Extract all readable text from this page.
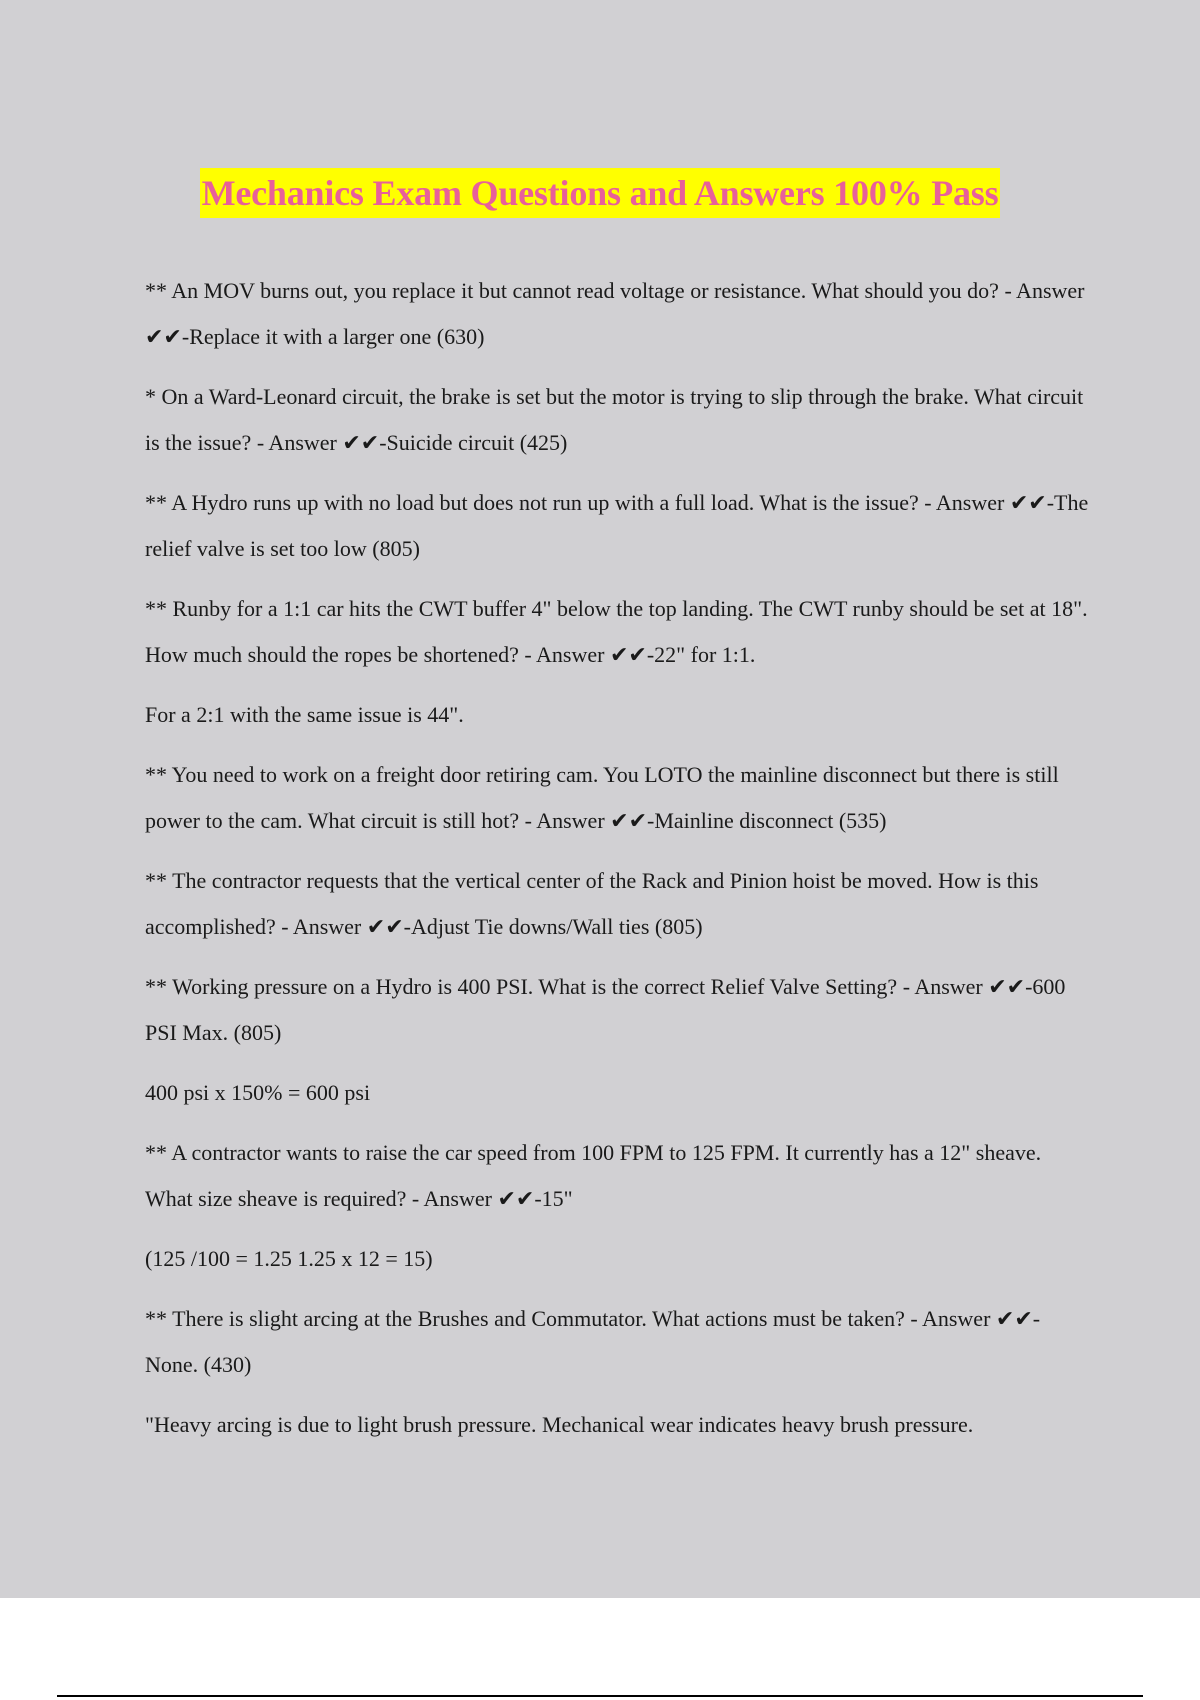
Mechanics Exam Questions and Answers 100% Pass

** An MOV burns out, you replace it but cannot read voltage or resistance. What should you do? - Answer ✔✔-Replace it with a larger one (630)

* On a Ward-Leonard circuit, the brake is set but the motor is trying to slip through the brake. What circuit is the issue? - Answer ✔✔-Suicide circuit (425)

** A Hydro runs up with no load but does not run up with a full load. What is the issue? - Answer ✔✔-The relief valve is set too low (805)

** Runby for a 1:1 car hits the CWT buffer 4" below the top landing. The CWT runby should be set at 18". How much should the ropes be shortened? - Answer ✔✔-22" for 1:1.

For a 2:1 with the same issue is 44".

** You need to work on a freight door retiring cam. You LOTO the mainline disconnect but there is still power to the cam. What circuit is still hot? - Answer ✔✔-Mainline disconnect (535)

** The contractor requests that the vertical center of the Rack and Pinion hoist be moved. How is this accomplished? - Answer ✔✔-Adjust Tie downs/Wall ties (805)

** Working pressure on a Hydro is 400 PSI. What is the correct Relief Valve Setting? - Answer ✔✔-600 PSI Max. (805)

400 psi x 150% = 600 psi

** A contractor wants to raise the car speed from 100 FPM to 125 FPM. It currently has a 12" sheave. What size sheave is required? - Answer ✔✔-15"

(125 /100 = 1.25 1.25 x 12 = 15)

** There is slight arcing at the Brushes and Commutator. What actions must be taken? - Answer ✔✔-None. (430)

"Heavy arcing is due to light brush pressure. Mechanical wear indicates heavy brush pressure.
